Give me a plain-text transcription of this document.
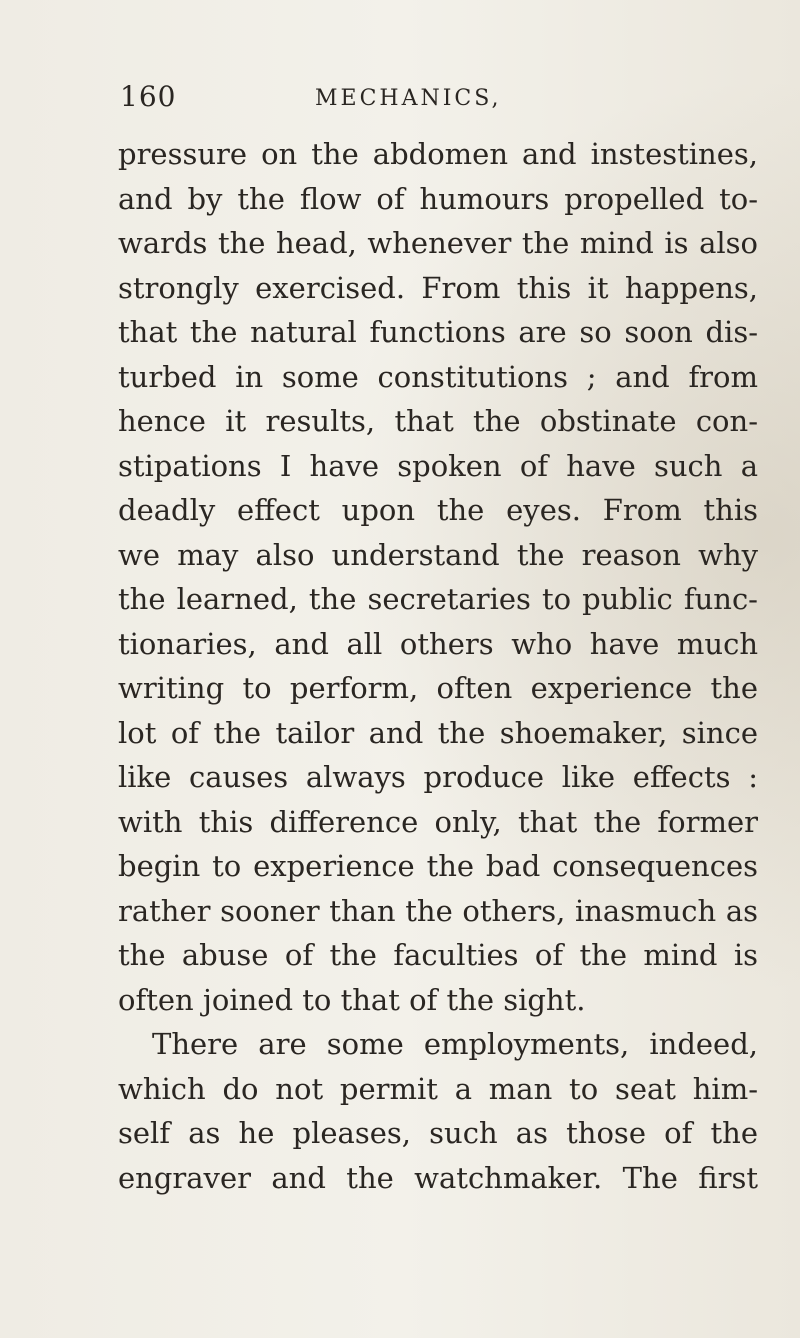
160	MECHANICS,
pressure on the abdomen and instestines,
and by the flow of humours propelled to-
wards the head, whenever the mind is also
strongly exercised. From this it happens,
that the natural functions are so soon dis-
turbed in some constitutions ; and from
hence it results, that the obstinate con-
stipations I have spoken of have such a
deadly effect upon the eyes. From this
we may also understand the reason why
the learned, the secretaries to public func-
tionaries, and all others who have much
writing to perform, often experience the
lot of the tailor and the shoemaker, since
like causes always produce like effects :
with this difference only, that the former
begin to experience the bad consequences
rather sooner than the others, inasmuch as
the abuse of the faculties of the mind is
often joined to that of the sight.
There are some employments, indeed,
which do not permit a man to seat him-
self as he pleases, such as those of the
engraver and the watchmaker. The first
